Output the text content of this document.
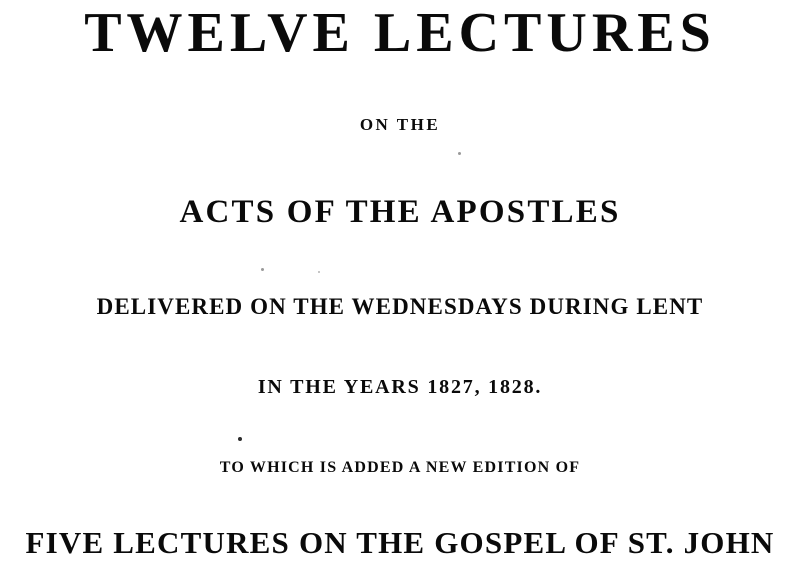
TWELVE LECTURES
ON THE
ACTS OF THE APOSTLES
DELIVERED ON THE WEDNESDAYS DURING LENT
IN THE YEARS 1827, 1828.
TO WHICH IS ADDED A NEW EDITION OF
FIVE LECTURES ON THE GOSPEL OF ST. JOHN
